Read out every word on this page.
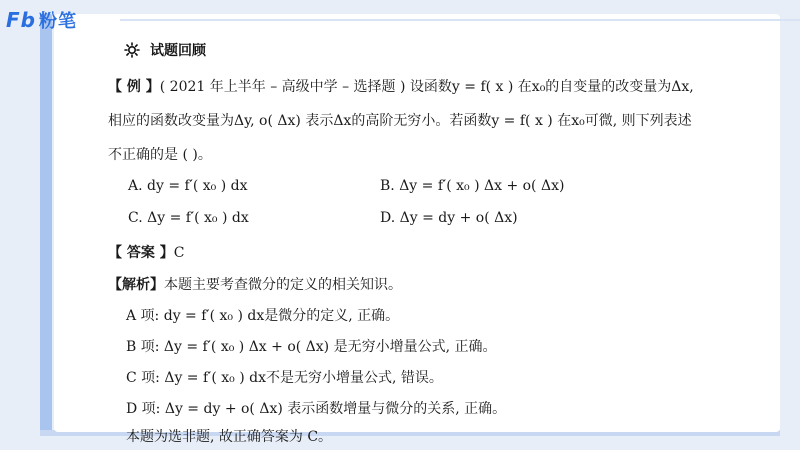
Fb 粉笔
试题回顾
【 例 】( 2021 年上半年 – 高级中学 – 选择题 ) 设函数y = f( x ) 在x₀的自变量的改变量为Δx,
相应的函数改变量为Δy, o( Δx) 表示Δx的高阶无穷小。若函数y = f( x ) 在x₀可微, 则下列表述
不正确的是 ( )。
A. dy = f′( x₀ ) dx	B. Δy = f′( x₀ ) Δx + o( Δx)
C. Δy = f′( x₀ ) dx	D. Δy = dy + o( Δx)
【 答案 】C
【解析】本题主要考查微分的定义的相关知识。
A 项: dy = f′( x₀ ) dx是微分的定义, 正确。
B 项: Δy = f′( x₀ ) Δx + o( Δx) 是无穷小增量公式, 正确。
C 项: Δy = f′( x₀ ) dx不是无穷小增量公式, 错误。
D 项: Δy = dy + o( Δx) 表示函数增量与微分的关系, 正确。
本题为选非题, 故正确答案为 C。
